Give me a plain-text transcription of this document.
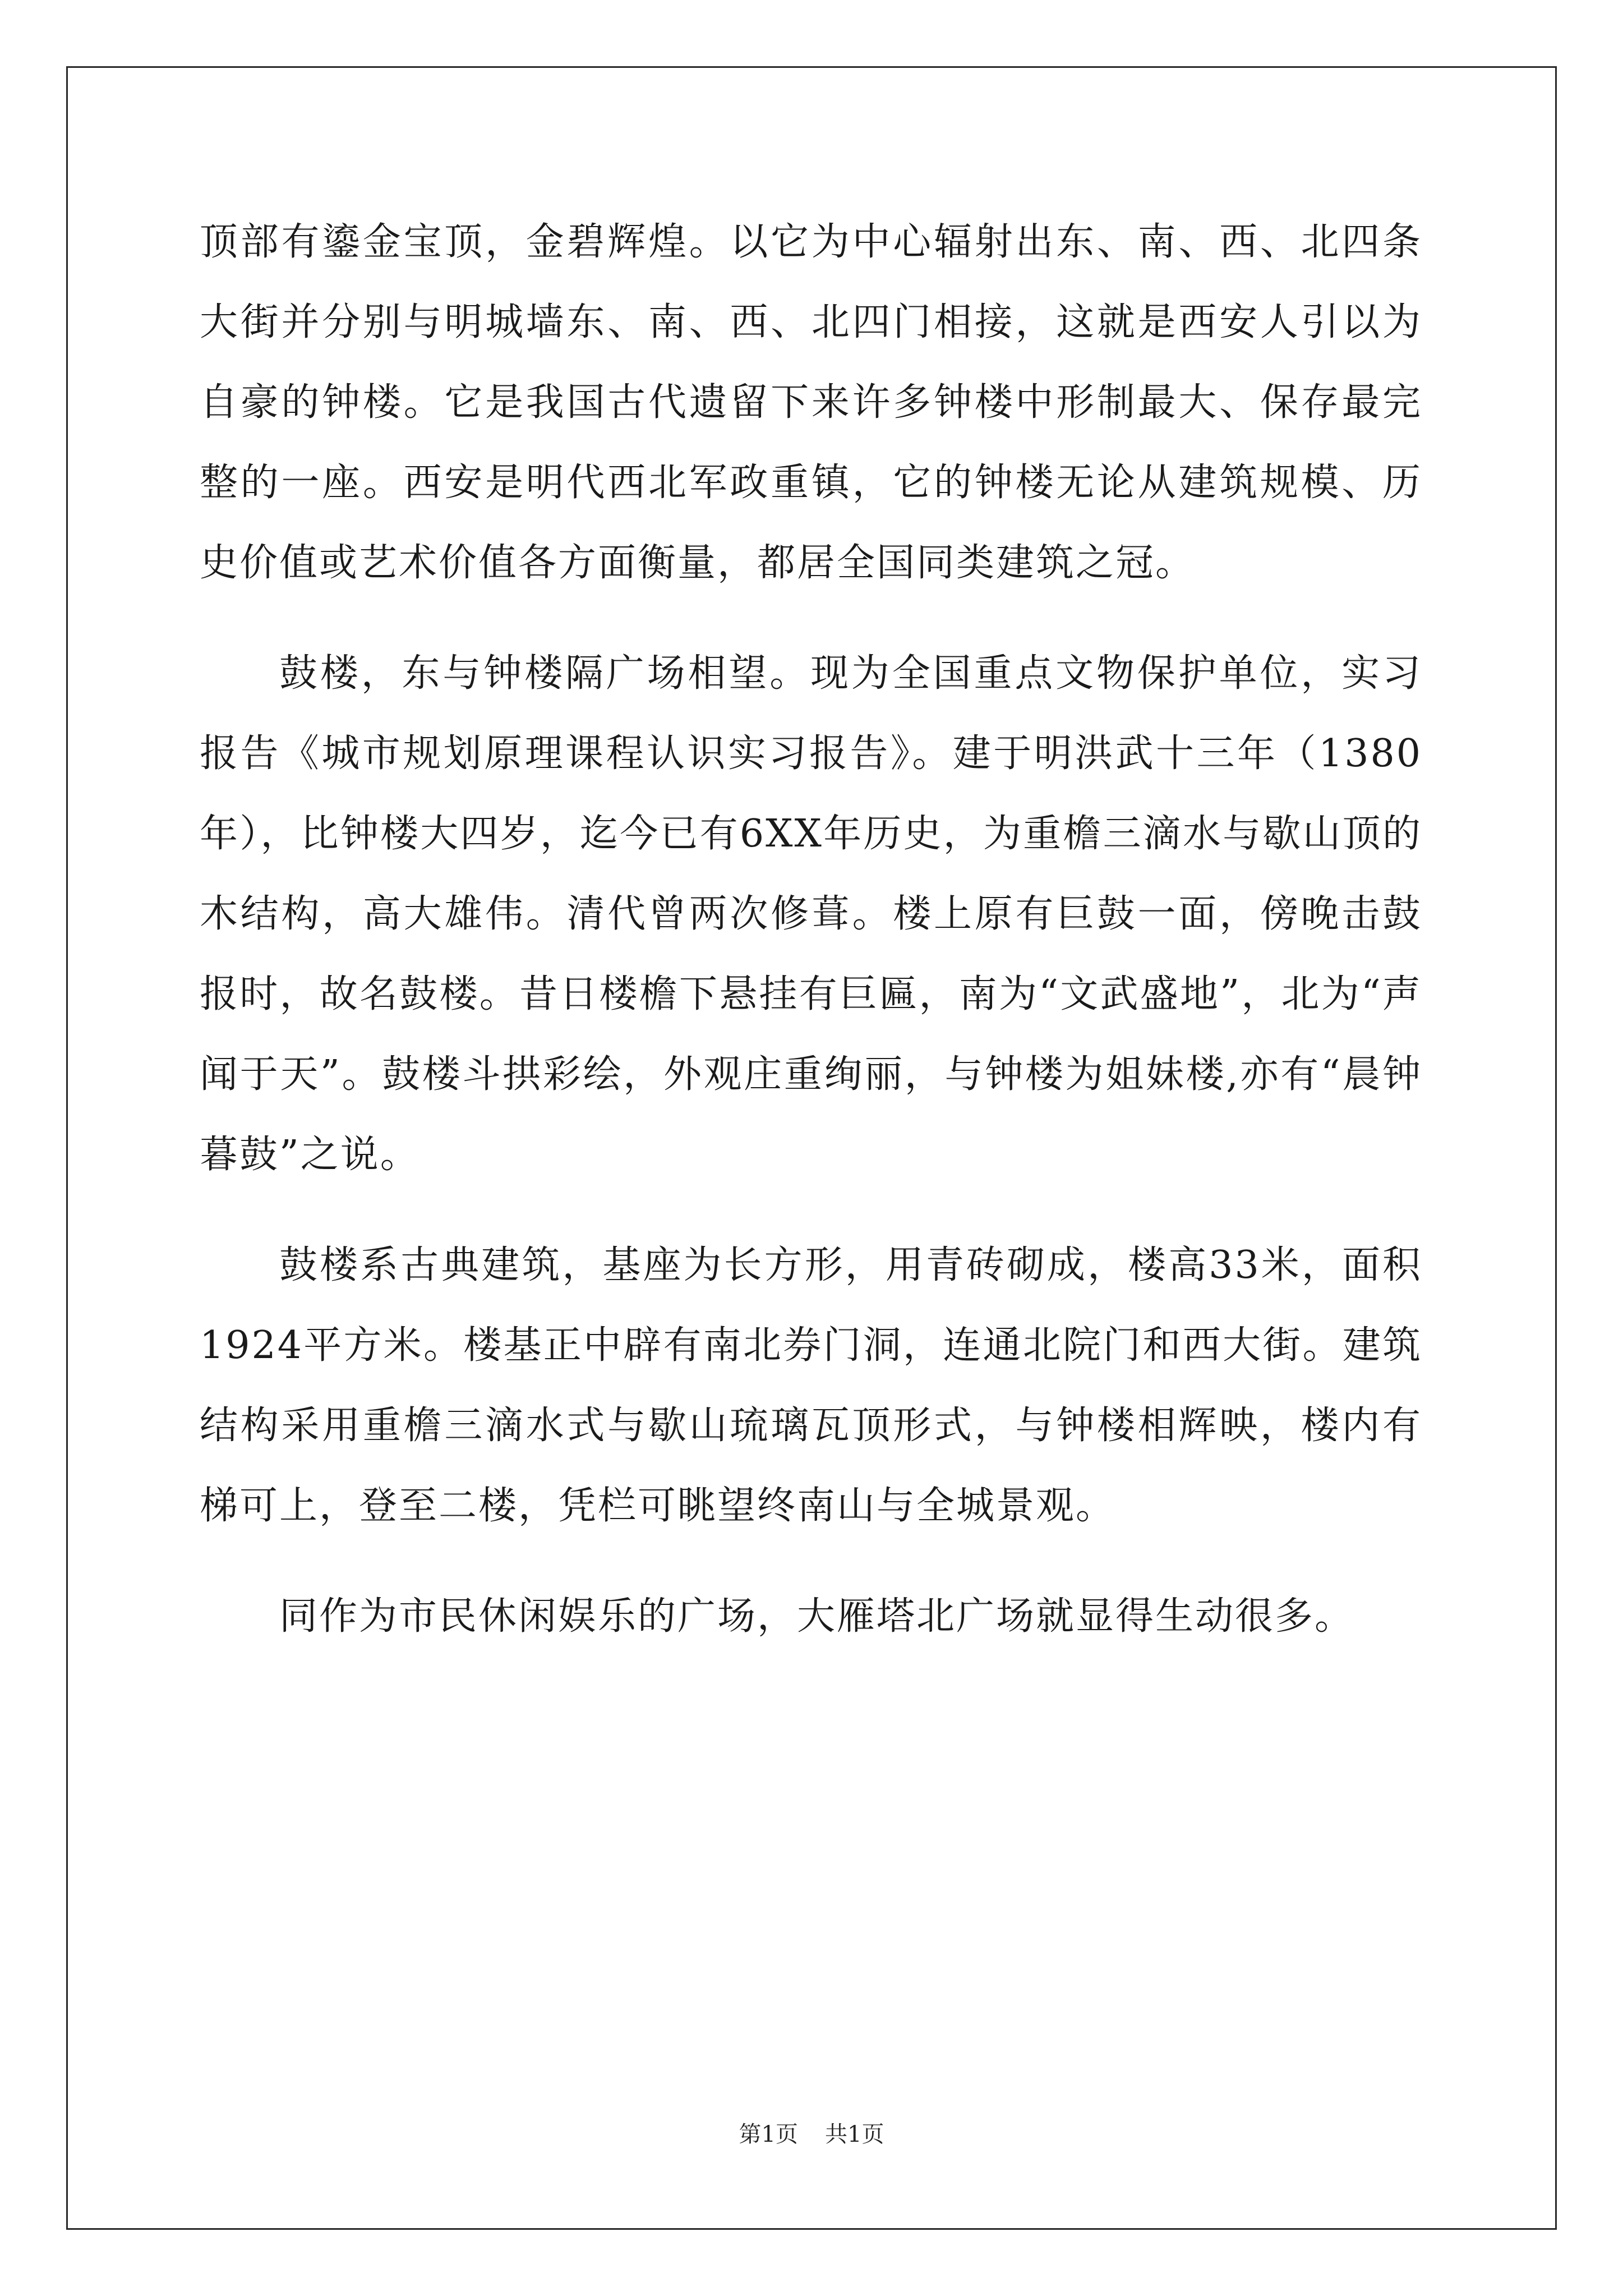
顶部有鎏金宝顶，金碧辉煌。以它为中心辐射出东、南、西、北四条大街并分别与明城墙东、南、西、北四门相接，这就是西安人引以为自豪的钟楼。它是我国古代遗留下来许多钟楼中形制最大、保存最完整的一座。西安是明代西北军政重镇，它的钟楼无论从建筑规模、历史价值或艺术价值各方面衡量，都居全国同类建筑之冠。

鼓楼，东与钟楼隔广场相望。现为全国重点文物保护单位，实习报告《城市规划原理课程认识实习报告》。建于明洪武十三年（1380年），比钟楼大四岁，迄今已有6XX年历史，为重檐三滴水与歇山顶的木结构，高大雄伟。清代曾两次修葺。楼上原有巨鼓一面，傍晚击鼓报时，故名鼓楼。昔日楼檐下悬挂有巨匾，南为“文武盛地”，北为“声闻于天”。鼓楼斗拱彩绘，外观庄重绚丽，与钟楼为姐妹楼,亦有“晨钟暮鼓”之说。

鼓楼系古典建筑，基座为长方形，用青砖砌成，楼高33米，面积1924平方米。楼基正中辟有南北券门洞，连通北院门和西大街。建筑结构采用重檐三滴水式与歇山琉璃瓦顶形式，与钟楼相辉映，楼内有梯可上，登至二楼，凭栏可眺望终南山与全城景观。

同作为市民休闲娱乐的广场，大雁塔北广场就显得生动很多。

第1页 共1页
